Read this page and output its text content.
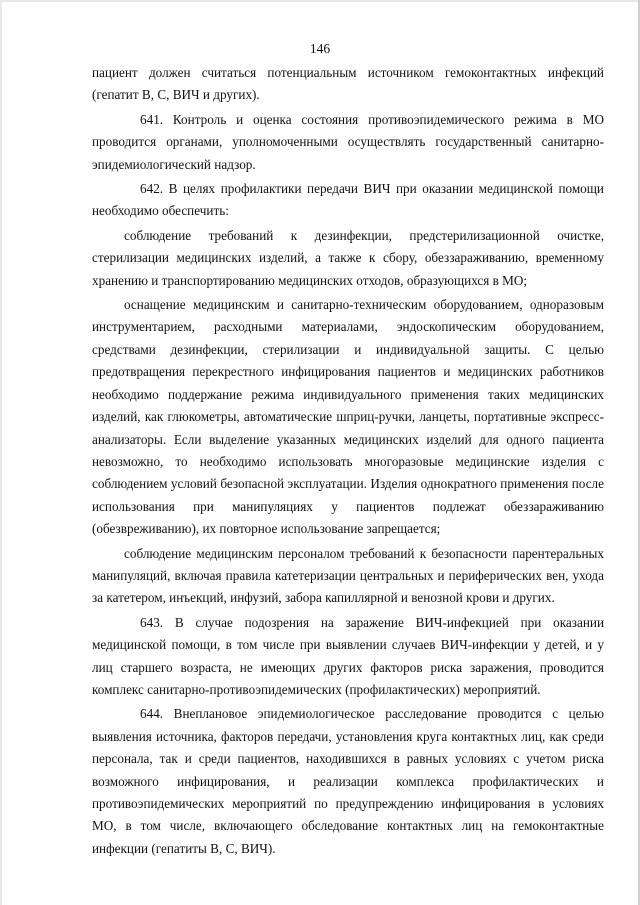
146

пациент должен считаться потенциальным источником гемоконтактных инфекций (гепатит В, С, ВИЧ и других).

641. Контроль и оценка состояния противоэпидемического режима в МО проводится органами, уполномоченными осуществлять государственный санитарно-эпидемиологический надзор.

642. В целях профилактики передачи ВИЧ при оказании медицинской помощи необходимо обеспечить:

соблюдение требований к дезинфекции, предстерилизационной очистке, стерилизации медицинских изделий, а также к сбору, обеззараживанию, временному хранению и транспортированию медицинских отходов, образующихся в МО;

оснащение медицинским и санитарно-техническим оборудованием, одноразовым инструментарием, расходными материалами, эндоскопическим оборудованием, средствами дезинфекции, стерилизации и индивидуальной защиты. С целью предотвращения перекрестного инфицирования пациентов и медицинских работников необходимо поддержание режима индивидуального применения таких медицинских изделий, как глюкометры, автоматические шприц-ручки, ланцеты, портативные экспресс-анализаторы. Если выделение указанных медицинских изделий для одного пациента невозможно, то необходимо использовать многоразовые медицинские изделия с соблюдением условий безопасной эксплуатации. Изделия однократного применения после использования при манипуляциях у пациентов подлежат обеззараживанию (обезвреживанию), их повторное использование запрещается;

соблюдение медицинским персоналом требований к безопасности парентеральных манипуляций, включая правила катетеризации центральных и периферических вен, ухода за катетером, инъекций, инфузий, забора капиллярной и венозной крови и других.

643. В случае подозрения на заражение ВИЧ-инфекцией при оказании медицинской помощи, в том числе при выявлении случаев ВИЧ-инфекции у детей, и у лиц старшего возраста, не имеющих других факторов риска заражения, проводится комплекс санитарно-противоэпидемических (профилактических) мероприятий.

644. Внеплановое эпидемиологическое расследование проводится с целью выявления источника, факторов передачи, установления круга контактных лиц, как среди персонала, так и среди пациентов, находившихся в равных условиях с учетом риска возможного инфицирования, и реализации комплекса профилактических и противоэпидемических мероприятий по предупреждению инфицирования в условиях МО, в том числе, включающего обследование контактных лиц на гемоконтактные инфекции (гепатиты В, С, ВИЧ).
